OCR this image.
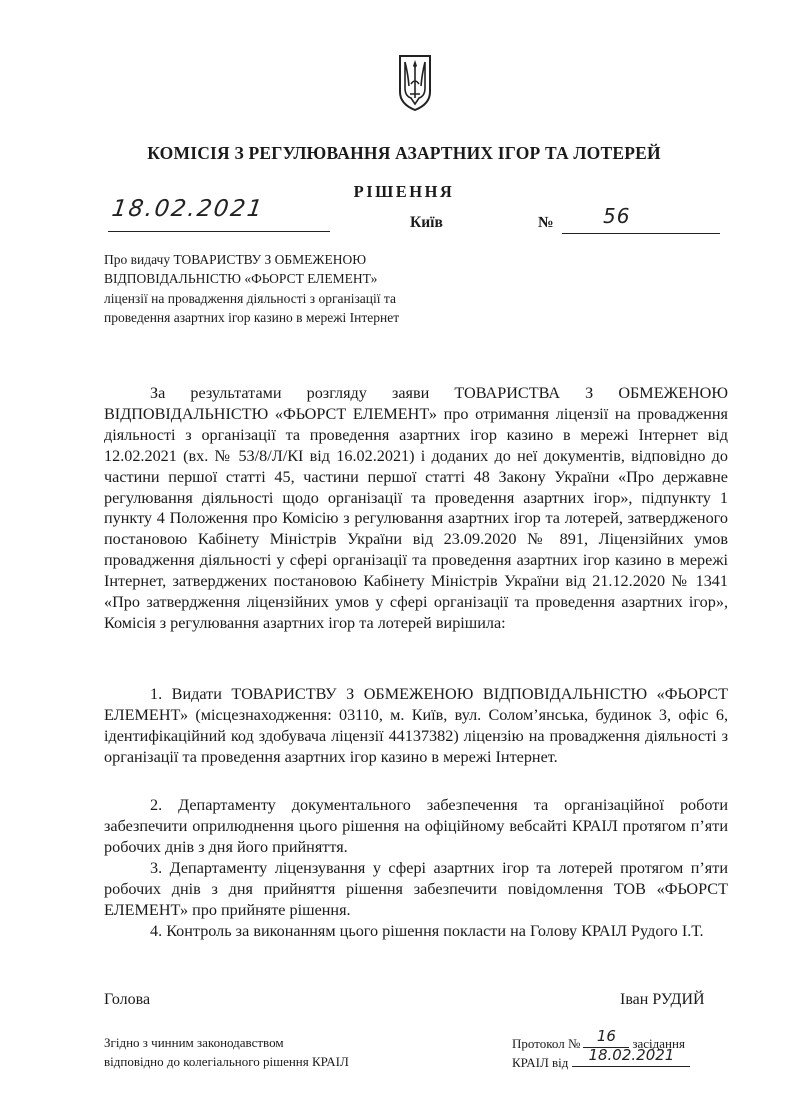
КОМІСІЯ З РЕГУЛЮВАННЯ АЗАРТНИХ ІГОР ТА ЛОТЕРЕЙ
РІШЕННЯ
18.02.2021
Київ	№ 56
Про видачу ТОВАРИСТВУ З ОБМЕЖЕНОЮ ВІДПОВІДАЛЬНІСТЮ «ФЬОРСТ ЕЛЕМЕНТ» ліцензії на провадження діяльності з організації та проведення азартних ігор казино в мережі Інтернет
За результатами розгляду заяви ТОВАРИСТВА З ОБМЕЖЕНОЮ ВІДПОВІДАЛЬНІСТЮ «ФЬОРСТ ЕЛЕМЕНТ» про отримання ліцензії на провадження діяльності з організації та проведення азартних ігор казино в мережі Інтернет від 12.02.2021 (вх. № 53/8/Л/КІ від 16.02.2021) і доданих до неї документів, відповідно до частини першої статті 45, частини першої статті 48 Закону України «Про державне регулювання діяльності щодо організації та проведення азартних ігор», підпункту 1 пункту 4 Положення про Комісію з регулювання азартних ігор та лотерей, затвердженого постановою Кабінету Міністрів України від 23.09.2020 № 891, Ліцензійних умов провадження діяльності у сфері організації та проведення азартних ігор казино в мережі Інтернет, затверджених постановою Кабінету Міністрів України від 21.12.2020 № 1341 «Про затвердження ліцензійних умов у сфері організації та проведення азартних ігор», Комісія з регулювання азартних ігор та лотерей вирішила:
1. Видати ТОВАРИСТВУ З ОБМЕЖЕНОЮ ВІДПОВІДАЛЬНІСТЮ «ФЬОРСТ ЕЛЕМЕНТ» (місцезнаходження: 03110, м. Київ, вул. Солом’янська, будинок 3, офіс 6, ідентифікаційний код здобувача ліцензії 44137382) ліцензію на провадження діяльності з організації та проведення азартних ігор казино в мережі Інтернет.
2. Департаменту документального забезпечення та організаційної роботи забезпечити оприлюднення цього рішення на офіційному вебсайті КРАІЛ протягом п’яти робочих днів з дня його прийняття.
3. Департаменту ліцензування у сфері азартних ігор та лотерей протягом п’яти робочих днів з дня прийняття рішення забезпечити повідомлення ТОВ «ФЬОРСТ ЕЛЕМЕНТ» про прийняте рішення.
4. Контроль за виконанням цього рішення покласти на Голову КРАІЛ Рудого І.Т.
Голова	Іван РУДИЙ
Згідно з чинним законодавством
відповідно до колегіального рішення КРАІЛ
Протокол №	16	засідання
КРАІЛ від	18.02.2021
